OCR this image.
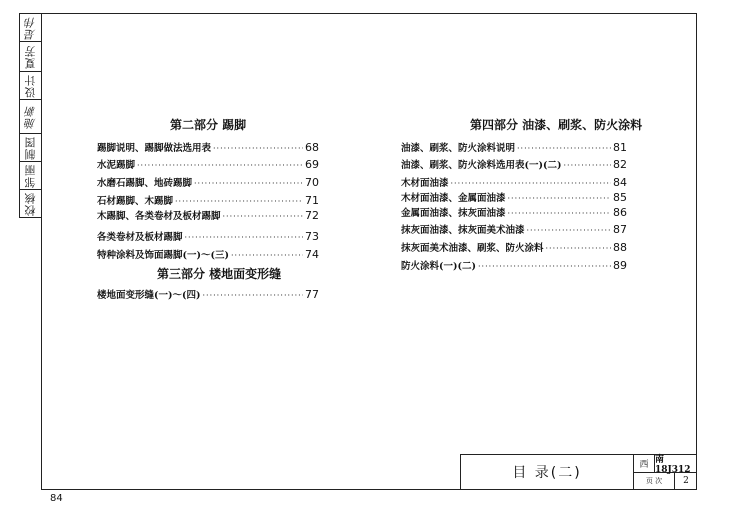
是伟
夏芳
设计
施新
制图
邹丽
校核
第二部分 踢脚
踢脚说明、踢脚做法选用表 ·····	68
水泥踢脚 ·····	69
水磨石踢脚、地砖踢脚 ·····	70
石材踢脚、木踢脚 ·····	71
木踢脚、各类卷材及板材踢脚 ·····	72
各类卷材及板材踢脚 ·····	73
特种涂料及饰面踢脚(一)～(三) ·····	74
第三部分 楼地面变形缝
楼地面变形缝(一)～(四) ·····	77
第四部分 油漆、刷浆、防火涂料
油漆、刷浆、防火涂料说明 ·····	81
油漆、刷浆、防火涂料选用表(一)(二) ·····	82
木材面油漆 ·····	84
木材面油漆、金属面油漆 ·····	85
金属面油漆、抹灰面油漆 ·····	86
抹灰面油漆、抹灰面美术油漆 ·····	87
抹灰面美术油漆、刷浆、防火涂料 ·····	88
防火涂料(一)(二) ·····	89
目 录(二)	西 南18J312
页 次	2
84
